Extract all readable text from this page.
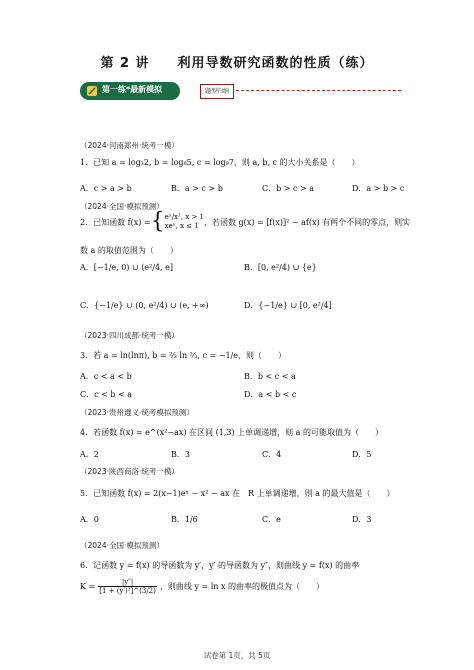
第 2 讲　　利用导数研究函数的性质（练）
第一练*最新模拟	题型归纳
（2024·河南郑州·统考一模）
1．已知 a = log₃2, b = log₈5, c = log₉7，则 a, b, c 的大小关系是（　　）
A．c > a > b	B．a > c > b	C．b > c > a	D．a > b > c
（2024·全国·模拟预测）
2．已知函数 f(x) = { eˣ/x², x > 1
xeˣ, x ≤ 1 ，若函数 g(x) = [f(x)]² − af(x) 有两个不同的零点，则实
数 a 的取值范围为（　　）
A．[−1/e, 0) ∪ (e²/4, e]	B．[0, e²/4) ∪ {e}
C．{−1/e} ∪ (0, e²/4) ∪ (e, +∞)	D．{−1/e} ∪ [0, e²/4]
（2023·四川成都·统考一模）
3．若 a = ln(lnπ), b = ⅔ ln ⅔, c = −1/e，则（　　）
A．c < a < b	B．b < c < a
C．c < b < a	D．a < b < c
（2023·贵州遵义·统考模拟预测）
4．若函数 f(x) = e^(x²−ax) 在区间 (1,3) 上单调递增，则 a 的可能取值为（　　）
A．2	B．3	C．4	D．5
（2023·陕西商洛·统考一模）
5．已知函数 f(x) = 2(x−1)eˣ − x² − ax 在　R 上单调递增，则 a 的最大值是（　　）
A．0	B．1/6	C．e	D．3
（2024·全国·模拟预测）
6．记函数 y = f(x) 的导函数为 y′，y′ 的导函数为 y″，则曲线 y = f(x) 的曲率
$K = \frac{|y''|}{\text{[1 + (y′)²]\textasciicircum{}(3/2)}}$ ，则曲线 y = ln x 的曲率的极值点为（　　）
试卷第 1页，共 5页
